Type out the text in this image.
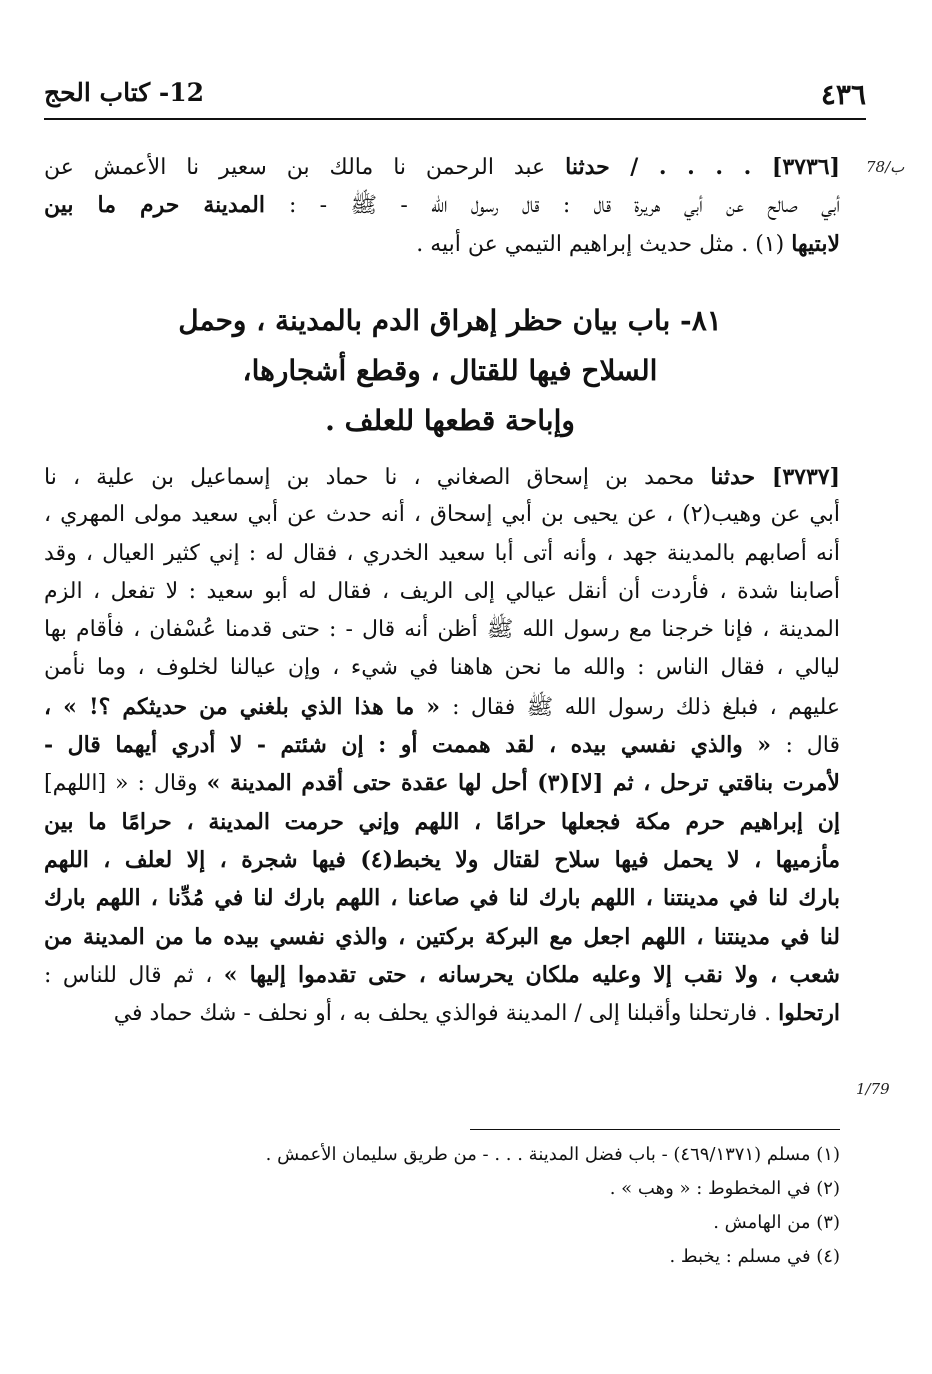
٤٣٦
12- كتاب الحج
78/ب
1/79
[٣٧٣٦] . . . . / حدثنا عبد الرحمن نا مالك بن سعير نا الأعمش عن
أبي صالح عن أبي هريرة قال : قال رسول الله - ﷺ - : المدينة حرم ما بين
لابتيها (١) . مثل حديث إبراهيم التيمي عن أبيه .
٨١- باب بيان حظر إهراق الدم بالمدينة ، وحمل
السلاح فيها للقتال ، وقطع أشجارها،
وإباحة قطعها للعلف .
[٣٧٣٧] حدثنا محمد بن إسحاق الصغاني ، نا حماد بن إسماعيل بن علية ، نا
أبي عن وهيب(٢) ، عن يحيى بن أبي إسحاق ، أنه حدث عن أبي سعيد مولى المهري ،
أنه أصابهم بالمدينة جهد ، وأنه أتى أبا سعيد الخدري ، فقال له : إني كثير العيال ، وقد
أصابنا شدة ، فأردت أن أنقل عيالي إلى الريف ، فقال له أبو سعيد : لا تفعل ، الزم
المدينة ، فإنا خرجنا مع رسول الله ﷺ أظن أنه قال - : حتى قدمنا عُسْفان ، فأقام بها
ليالي ، فقال الناس : والله ما نحن هاهنا في شيء ، وإن عيالنا لخلوف ، وما نأمن
عليهم ، فبلغ ذلك رسول الله ﷺ فقال : « ما هذا الذي بلغني من حديثكم ؟! » ،
قال : « والذي نفسي بيده ، لقد هممت أو : إن شئتم - لا أدري أيهما قال -
لأمرت بناقتي ترحل ، ثم [لا](٣) أحل لها عقدة حتى أقدم المدينة » وقال : « [اللهم]
إن إبراهيم حرم مكة فجعلها حرامًا ، اللهم وإني حرمت المدينة ، حرامًا ما بين
مأزميها ، لا يحمل فيها سلاح لقتال ولا يخبط(٤) فيها شجرة ، إلا لعلف ، اللهم
بارك لنا في مدينتنا ، اللهم بارك لنا في صاعنا ، اللهم بارك لنا في مُدِّنا ، اللهم بارك
لنا في مدينتنا ، اللهم اجعل مع البركة بركتين ، والذي نفسي بيده ما من المدينة من
شعب ، ولا نقب إلا وعليه ملكان يحرسانه ، حتى تقدموا إليها » ، ثم قال للناس :
ارتحلوا . فارتحلنا وأقبلنا إلى / المدينة فوالذي يحلف به ، أو نحلف - شك حماد في
(١) مسلم (٤٦٩/١٣٧١) - باب فضل المدينة . . . - من طريق سليمان الأعمش .
(٢) في المخطوط : « وهب » .
(٣) من الهامش .
(٤) في مسلم : يخبط .
